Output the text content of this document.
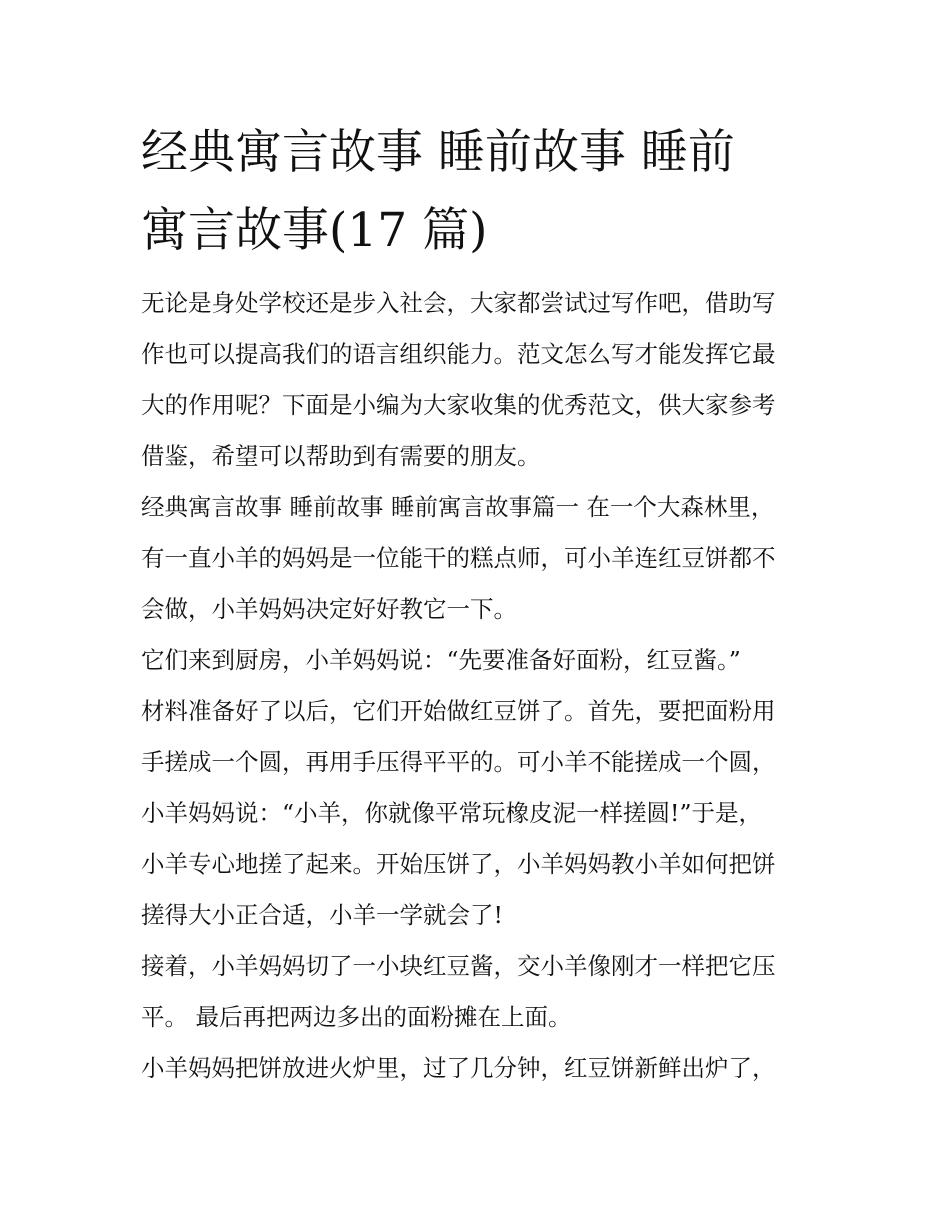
经典寓言故事 睡前故事 睡前
寓言故事(17 篇)
无论是身处学校还是步入社会，大家都尝试过写作吧，借助写
作也可以提高我们的语言组织能力。范文怎么写才能发挥它最
大的作用呢？下面是小编为大家收集的优秀范文，供大家参考
借鉴，希望可以帮助到有需要的朋友。
经典寓言故事 睡前故事 睡前寓言故事篇一 在一个大森林里，
有一直小羊的妈妈是一位能干的糕点师，可小羊连红豆饼都不
会做，小羊妈妈决定好好教它一下。
它们来到厨房，小羊妈妈说：“先要准备好面粉，红豆酱。”
材料准备好了以后，它们开始做红豆饼了。首先，要把面粉用
手搓成一个圆，再用手压得平平的。可小羊不能搓成一个圆，
小羊妈妈说：“小羊，你就像平常玩橡皮泥一样搓圆!”于是，
小羊专心地搓了起来。开始压饼了，小羊妈妈教小羊如何把饼
搓得大小正合适，小羊一学就会了!
接着，小羊妈妈切了一小块红豆酱，交小羊像刚才一样把它压
平。 最后再把两边多出的面粉摊在上面。
小羊妈妈把饼放进火炉里，过了几分钟，红豆饼新鲜出炉了，
